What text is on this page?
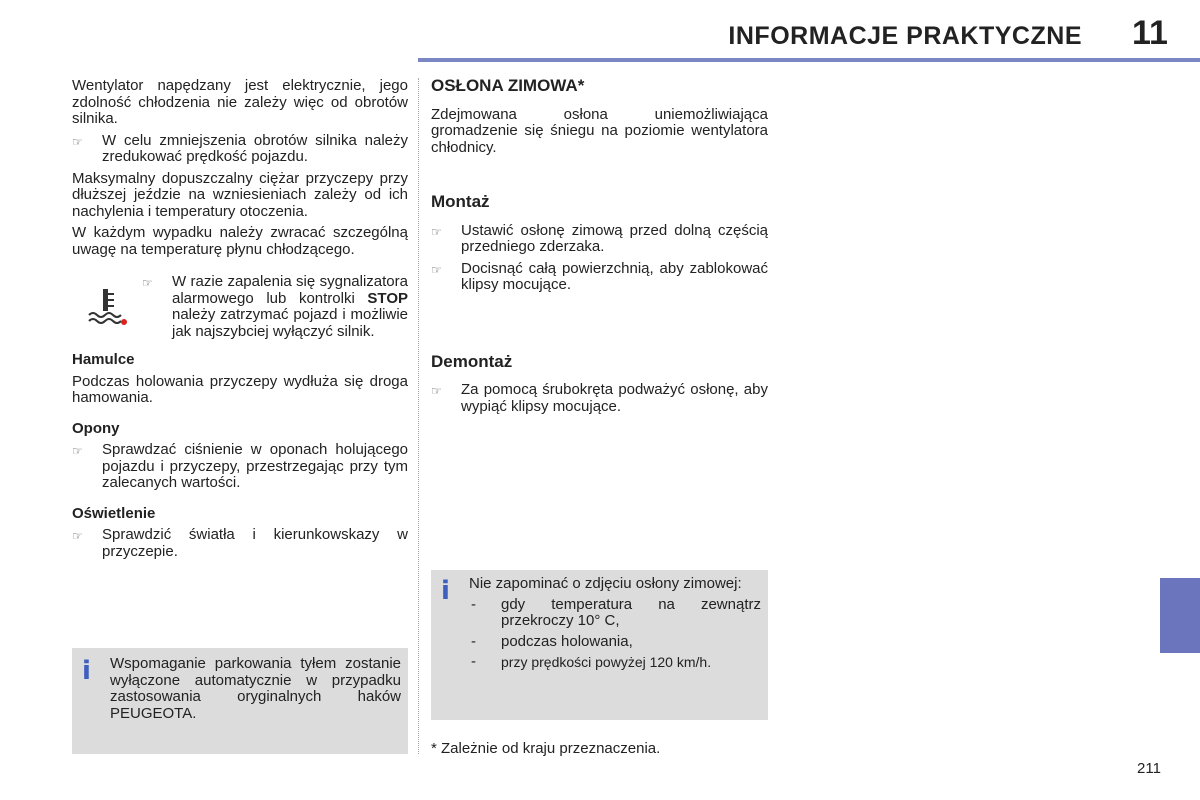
INFORMACJE PRAKTYCZNE 11

Wentylator napędzany jest elektrycznie, jego zdolność chłodzenia nie zależy więc od obrotów silnika.

☞	W celu zmniejszenia obrotów silnika należy zredukować prędkość pojazdu.

Maksymalny dopuszczalny ciężar przyczepy przy dłuższej jeździe na wzniesieniach zależy od ich nachylenia i temperatury otoczenia.

W każdym wypadku należy zwracać szczególną uwagę na temperaturę płynu chłodzącego.

☞	W razie zapalenia się sygnalizatora alarmowego lub kontrolki STOP należy zatrzymać pojazd i możliwie jak najszybciej wyłączyć silnik.
Hamulce

Podczas holowania przyczepy wydłuża się droga hamowania.

Opony
☞	Sprawdzać ciśnienie w oponach holującego pojazdu i przyczepy, przestrzegając przy tym zalecanych wartości.
Oświetlenie
☞	Sprawdzić światła i kierunkowskazy w przyczepie.
i	Wspomaganie parkowania tyłem zostanie wyłączone automatycznie w przypadku zastosowania oryginalnych haków PEUGEOTA.

OSŁONA ZIMOWA*

Zdejmowana osłona uniemożliwiająca gromadzenie się śniegu na poziomie wentylatora chłodnicy.

Montaż
☞	Ustawić osłonę zimową przed dolną częścią przedniego zderzaka.
☞	Docisnąć całą powierzchnią, aby zablokować klipsy mocujące.
Demontaż
☞	Za pomocą śrubokręta podważyć osłonę, aby wypiąć klipsy mocujące.
i	Nie zapominać o zdjęciu osłony zimowej:

-	gdy temperatura na zewnątrz przekroczy 10° C,
-	podczas holowania,
-	przy prędkości powyżej 120 km/h.
* Zależnie od kraju przeznaczenia.
211
